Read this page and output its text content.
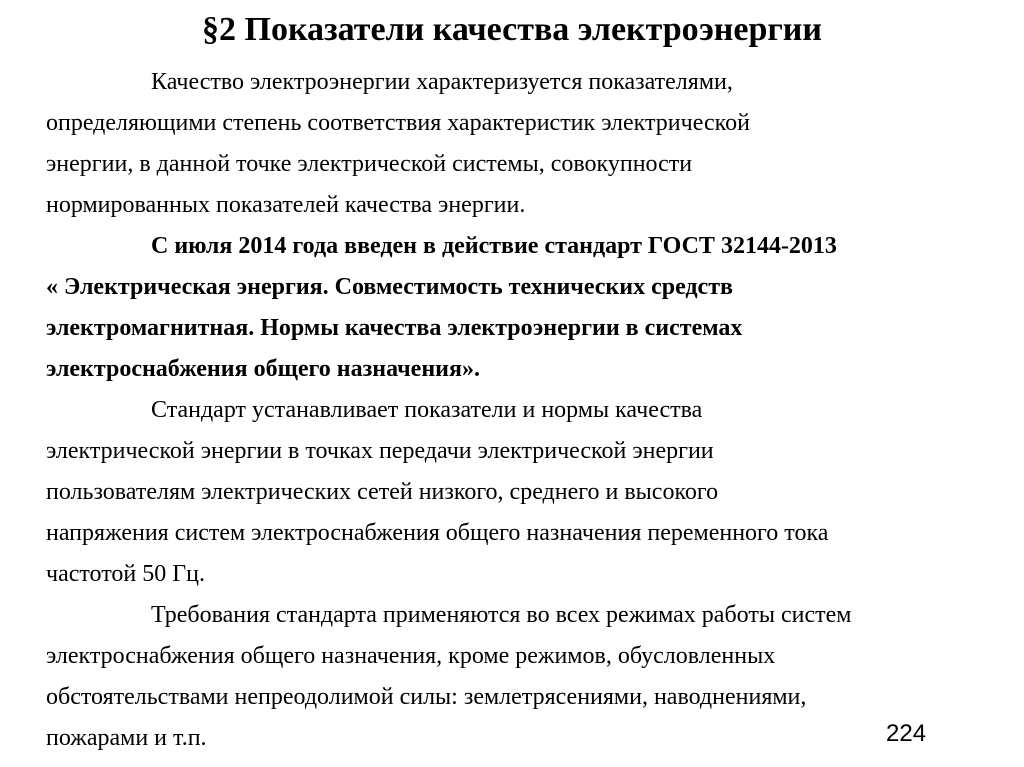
§2 Показатели качества электроэнергии
Качество электроэнергии характеризуется показателями,
определяющими степень соответствия характеристик электрической
энергии, в данной точке электрической системы, совокупности
нормированных показателей качества энергии.
С июля 2014 года введен в действие стандарт ГОСТ 32144-2013
« Электрическая энергия. Совместимость технических средств
электромагнитная. Нормы качества электроэнергии в системах
электроснабжения общего назначения».
Стандарт устанавливает показатели и нормы качества
электрической энергии в точках передачи электрической энергии
пользователям электрических сетей низкого, среднего и высокого
напряжения систем электроснабжения общего назначения переменного тока
частотой 50 Гц.
Требования стандарта применяются во всех режимах работы систем
электроснабжения общего назначения, кроме режимов, обусловленных
обстоятельствами непреодолимой силы: землетрясениями, наводнениями,
пожарами и т.п.	224
